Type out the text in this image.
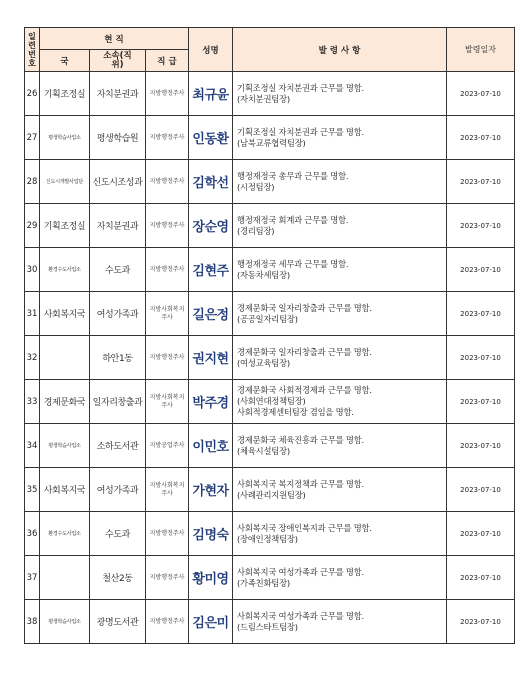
일련번호	현 직			성명	발 령 사 항	발령일자
	국	소속(직위)	직 급			
26	기획조정실	자치분권과	지방행정주사	최규윤	기획조정실 자치분권과 근무를 명함.
(자치분권팀장)	2023-07-10
27	평생학습사업소	평생학습원	지방행정주사	인동환	기획조정실 자치분권과 근무를 명함.
(남북교류협력팀장)	2023-07-10
28	신도시개발사업단	신도시조성과	지방행정주사	김학선	행정재정국 총무과 근무를 명함.
(시정팀장)	2023-07-10
29	기획조정실	자치분권과	지방행정주사	장순영	행정재정국 회계과 근무를 명함.
(경리팀장)	2023-07-10
30	환경수도사업소	수도과	지방행정주사	김현주	행정재정국 세무과 근무를 명함.
(자동차세팀장)	2023-07-10
31	사회복지국	여성가족과	지방사회복지주사	길은정	경제문화국 일자리창출과 근무를 명함.
(공공일자리팀장)	2023-07-10
32		하안1동	지방행정주사	권지현	경제문화국 일자리창출과 근무를 명함.
(여성교육팀장)	2023-07-10
33	경제문화국	일자리창출과	지방사회복지주사	박주경	경제문화국 사회적경제과 근무를 명함.
(사회연대정책팀장)
사회적경제센터팀장 겸임을 명함.	2023-07-10
34	평생학습사업소	소하도서관	지방공업주사	이민호	경제문화국 체육진흥과 근무를 명함.
(체육시설팀장)	2023-07-10
35	사회복지국	여성가족과	지방사회복지주사	가현자	사회복지국 복지정책과 근무를 명함.
(사례관리지원팀장)	2023-07-10
36	환경수도사업소	수도과	지방행정주사	김명숙	사회복지국 장애인복지과 근무를 명함.
(장애인정책팀장)	2023-07-10
37		철산2동	지방행정주사	황미영	사회복지국 여성가족과 근무를 명함.
(가족친화팀장)	2023-07-10
38	평생학습사업소	광명도서관	지방행정주사	김은미	사회복지국 여성가족과 근무를 명함.
(드림스타트팀장)	2023-07-10
